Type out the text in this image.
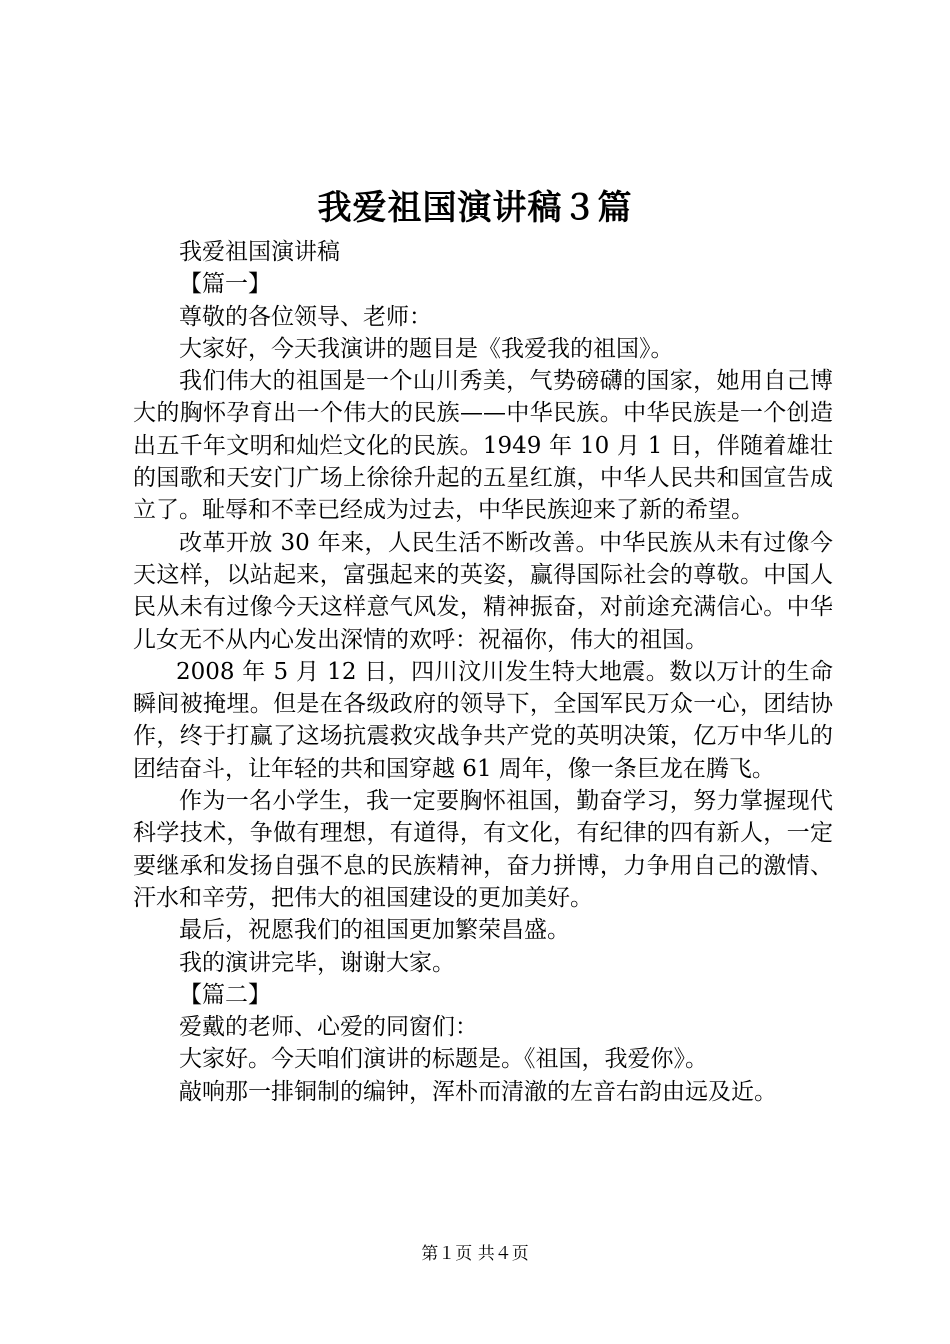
我爱祖国演讲稿３篇

我爱祖国演讲稿

【篇一】

尊敬的各位领导、老师：

大家好，今天我演讲的题目是《我爱我的祖国》。

我们伟大的祖国是一个山川秀美，气势磅礴的国家，她用自己博大的胸怀孕育出一个伟大的民族——中华民族。中华民族是一个创造出五千年文明和灿烂文化的民族。1949 年 10 月 1 日，伴随着雄壮的国歌和天安门广场上徐徐升起的五星红旗，中华人民共和国宣告成立了。耻辱和不幸已经成为过去，中华民族迎来了新的希望。

改革开放 30 年来，人民生活不断改善。中华民族从未有过像今天这样，以站起来，富强起来的英姿，赢得国际社会的尊敬。中国人民从未有过像今天这样意气风发，精神振奋，对前途充满信心。中华儿女无不从内心发出深情的欢呼：祝福你，伟大的祖国。

2008 年 5 月 12 日，四川汶川发生特大地震。数以万计的生命瞬间被掩埋。但是在各级政府的领导下，全国军民万众一心，团结协作，终于打赢了这场抗震救灾战争共产党的英明决策，亿万中华儿的团结奋斗，让年轻的共和国穿越 61 周年，像一条巨龙在腾飞。

作为一名小学生，我一定要胸怀祖国，勤奋学习，努力掌握现代科学技术，争做有理想，有道得，有文化，有纪律的四有新人，一定要继承和发扬自强不息的民族精神，奋力拼博，力争用自己的激情、汗水和辛劳，把伟大的祖国建设的更加美好。

最后，祝愿我们的祖国更加繁荣昌盛。

我的演讲完毕，谢谢大家。

【篇二】

爱戴的老师、心爱的同窗们：

大家好。今天咱们演讲的标题是。《祖国，我爱你》。

敲响那一排铜制的编钟，浑朴而清澈的左音右韵由远及近。

第１页 共４页
